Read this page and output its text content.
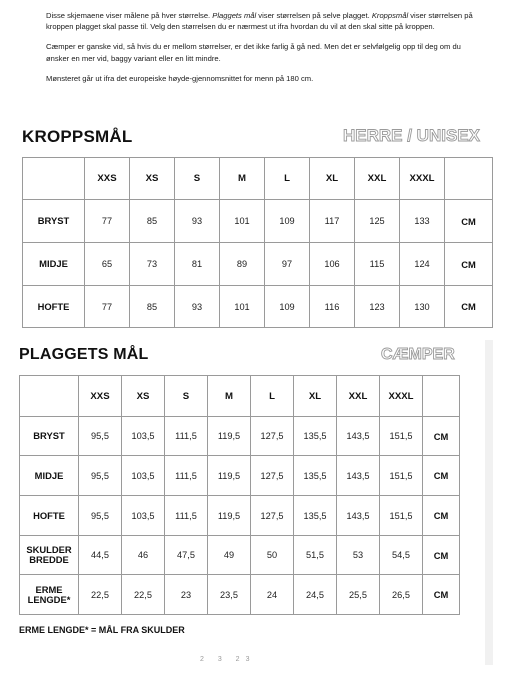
Disse skjemaene viser målene på hver størrelse. Plaggets mål viser størrelsen på selve plagget. Kroppsmål viser størrelsen på kroppen plagget skal passe til. Velg den størrelsen du er nærmest ut ifra hvordan du vil at den skal sitte på kroppen.

Cæmper er ganske vid, så hvis du er mellom størrelser, er det ikke farlig å gå ned. Men det er selvfølgelig opp til deg om du ønsker en mer vid, baggy variant eller en litt mindre.

Mønsteret går ut ifra det europeiske høyde-gjennomsnittet for menn på 180 cm.

KROPPSMÅL	HERRE / UNISEX
	XXS	XS	S	M	L	XL	XXL	XXXL	
BRYST	77	85	93	101	109	117	125	133	CM
MIDJE	65	73	81	89	97	106	115	124	CM
HOFTE	77	85	93	101	109	116	123	130	CM
PLAGGETS MÅL	CÆMPER
	XXS	XS	S	M	L	XL	XXL	XXXL	
BRYST	95,5	103,5	111,5	119,5	127,5	135,5	143,5	151,5	CM
MIDJE	95,5	103,5	111,5	119,5	127,5	135,5	143,5	151,5	CM
HOFTE	95,5	103,5	111,5	119,5	127,5	135,5	143,5	151,5	CM
SKULDER BREDDE	44,5	46	47,5	49	50	51,5	53	54,5	CM
ERME LENGDE*	22,5	22,5	23	23,5	24	24,5	25,5	26,5	CM
ERME LENGDE* = MÅL FRA SKULDER
2 3 23
